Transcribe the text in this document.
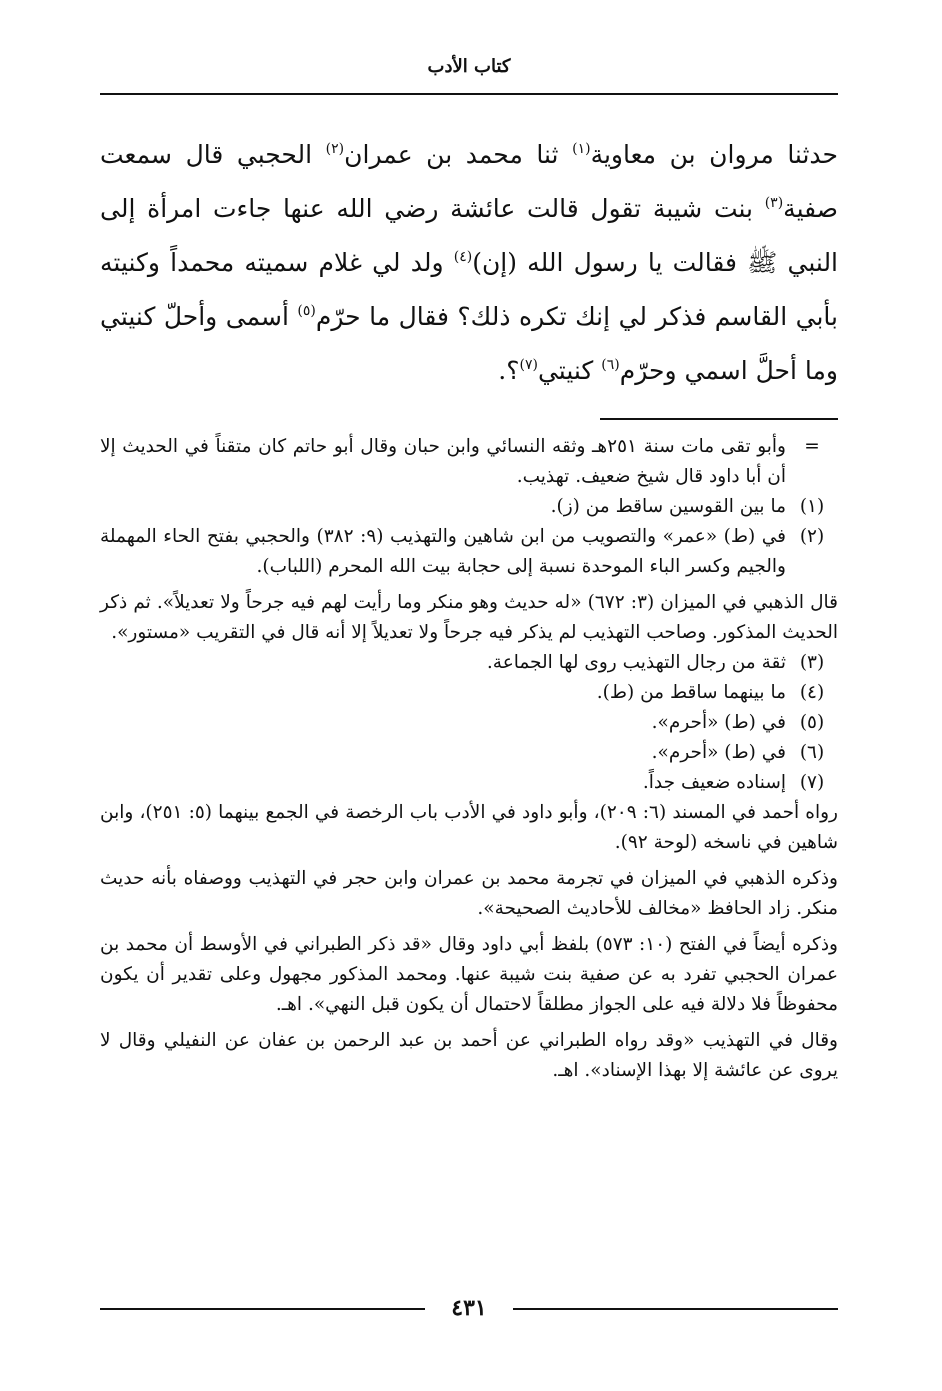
كتاب الأدب
حدثنا مروان بن معاوية$^{(١)}$ ثنا محمد بن عمران$^{(٢)}$ الحجبي قال سمعت صفية$^{(٣)}$ بنت شيبة تقول قالت عائشة رضي الله عنها جاءت امرأة إلى النبي ﷺ فقالت يا رسول الله (إن)$^{(٤)}$ ولد لي غلام سميته محمداً وكنيته بأبي القاسم فذكر لي إنك تكره ذلك؟ فقال ما حرّم$^{(٥)}$ أسمى وأحلّ كنيتي وما أحلَّ اسمي وحرّم$^{(٦)}$ كنيتي$^{(٧)}$؟.
=
وأبو تقى مات سنة ٢٥١هـ وثقه النسائي وابن حبان وقال أبو حاتم كان متقناً في الحديث إلا أن أبا داود قال شيخ ضعيف. تهذيب.
(١)
ما بين القوسين ساقط من (ز).
(٢)
في (ط) «عمر» والتصويب من ابن شاهين والتهذيب (٩: ٣٨٢) والحجبي بفتح الحاء المهملة والجيم وكسر الباء الموحدة نسبة إلى حجابة بيت الله المحرم (اللباب).
قال الذهبي في الميزان (٣: ٦٧٢) «له حديث وهو منكر وما رأيت لهم فيه جرحاً ولا تعديلاً». ثم ذكر الحديث المذكور. وصاحب التهذيب لم يذكر فيه جرحاً ولا تعديلاً إلا أنه قال في التقريب «مستور».
(٣)
ثقة من رجال التهذيب روى لها الجماعة.
(٤)
ما بينهما ساقط من (ط).
(٥)
في (ط) «أحرم».
(٦)
في (ط) «أحرم».
(٧)
إسناده ضعيف جداً.
رواه أحمد في المسند (٦: ٢٠٩)، وأبو داود في الأدب باب الرخصة في الجمع بينهما (٥: ٢٥١)، وابن شاهين في ناسخه (لوحة ٩٢).
وذكره الذهبي في الميزان في تجرمة محمد بن عمران وابن حجر في التهذيب ووصفاه بأنه حديث منكر. زاد الحافظ «مخالف للأحاديث الصحيحة».
وذكره أيضاً في الفتح (١٠: ٥٧٣) بلفظ أبي داود وقال «قد ذكر الطبراني في الأوسط أن محمد بن عمران الحجبي تفرد به عن صفية بنت شيبة عنها. ومحمد المذكور مجهول وعلى تقدير أن يكون محفوظاً فلا دلالة فيه على الجواز مطلقاً لاحتمال أن يكون قبل النهي». اهـ.
وقال في التهذيب «وقد رواه الطبراني عن أحمد بن عبد الرحمن بن عفان عن النفيلي وقال لا يروى عن عائشة إلا بهذا الإسناد». اهـ.
٤٣١
